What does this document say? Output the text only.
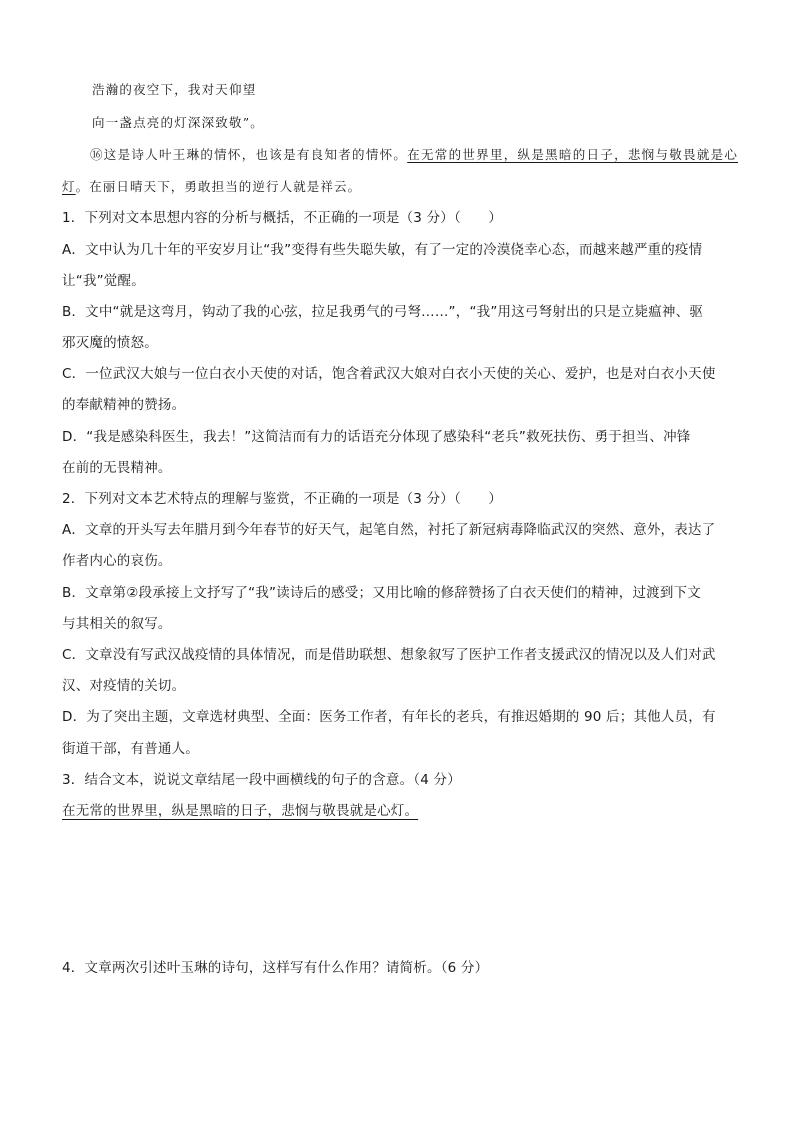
浩瀚的夜空下，我对天仰望
向一盏点亮的灯深深致敬”。
⑯这是诗人叶王琳的情怀，也该是有良知者的情怀。在无常的世界里，纵是黑暗的日子，悲悯与敬畏就是心灯。在丽日晴天下，勇敢担当的逆行人就是祥云。
1．下列对文本思想内容的分析与概括，不正确的一项是（3 分）（　　）
A．文中认为几十年的平安岁月让“我”变得有些失聪失敏，有了一定的冷漠侥幸心态，而越来越严重的疫情
让“我”觉醒。
B．文中“就是这弯月，钩动了我的心弦，拉足我勇气的弓弩……”，“我”用这弓弩射出的只是立毙瘟神、驱
邪灭魔的愤怒。
C．一位武汉大娘与一位白衣小天使的对话，饱含着武汉大娘对白衣小天使的关心、爱护，也是对白衣小天使
的奉献精神的赞扬。
D．“我是感染科医生，我去！”这简洁而有力的话语充分体现了感染科“老兵”救死扶伤、勇于担当、冲锋
在前的无畏精神。
2．下列对文本艺术特点的理解与鉴赏，不正确的一项是（3 分）（　　）
A．文章的开头写去年腊月到今年春节的好天气，起笔自然，衬托了新冠病毒降临武汉的突然、意外，表达了
作者内心的哀伤。
B．文章第②段承接上文抒写了“我”读诗后的感受；又用比喻的修辞赞扬了白衣天使们的精神，过渡到下文
与其相关的叙写。
C．文章没有写武汉战疫情的具体情况，而是借助联想、想象叙写了医护工作者支援武汉的情况以及人们对武
汉、对疫情的关切。
D．为了突出主题，文章选材典型、全面：医务工作者，有年长的老兵，有推迟婚期的 90 后；其他人员，有
街道干部，有普通人。
3．结合文本，说说文章结尾一段中画横线的句子的含意。（4 分）
在无常的世界里，纵是黑暗的日子，悲悯与敬畏就是心灯。
4．文章两次引述叶玉琳的诗句，这样写有什么作用？请简析。（6 分）
